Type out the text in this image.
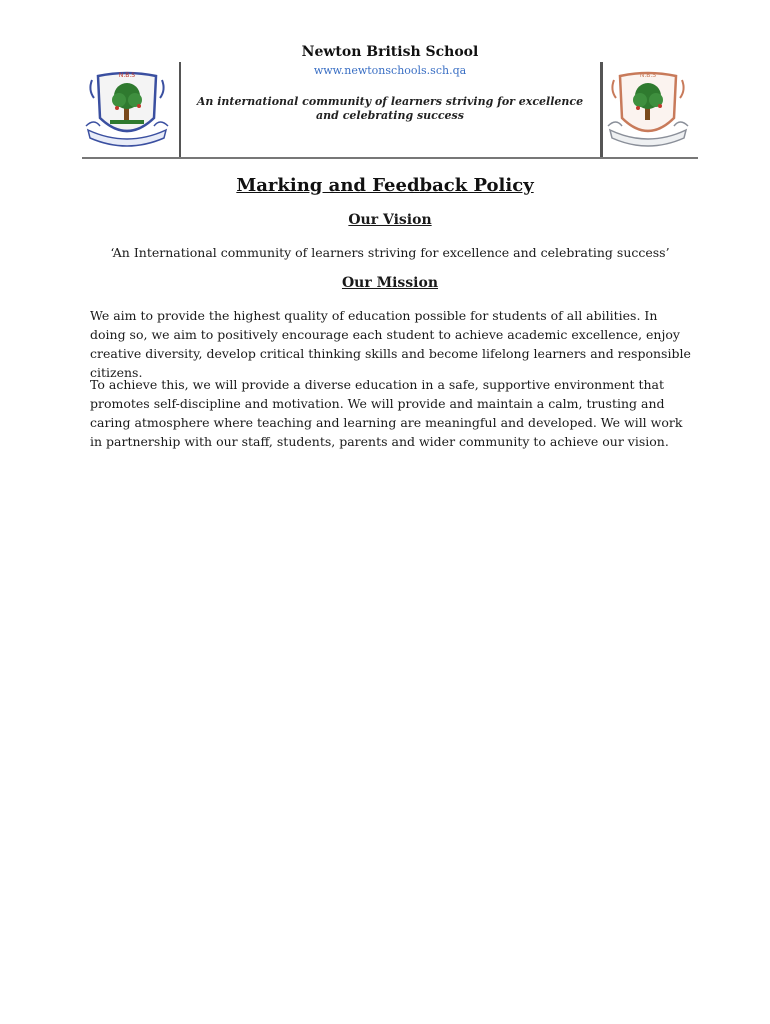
Newton British School
www.newtonschools.sch.qa
An international community of learners striving for excellence and celebrating success
N.B.S	N.B.S
Marking and Feedback Policy
Our Vision
‘An International community of learners striving for excellence and celebrating success’
Our Mission

We aim to provide the highest quality of education possible for students of all abilities. In doing so, we aim to positively encourage each student to achieve academic excellence, enjoy creative diversity, develop critical thinking skills and become lifelong learners and responsible citizens.

To achieve this, we will provide a diverse education in a safe, supportive environment that promotes self-discipline and motivation. We will provide and maintain a calm, trusting and caring atmosphere where teaching and learning are meaningful and developed. We will work in partnership with our staff, students, parents and wider community to achieve our vision.
